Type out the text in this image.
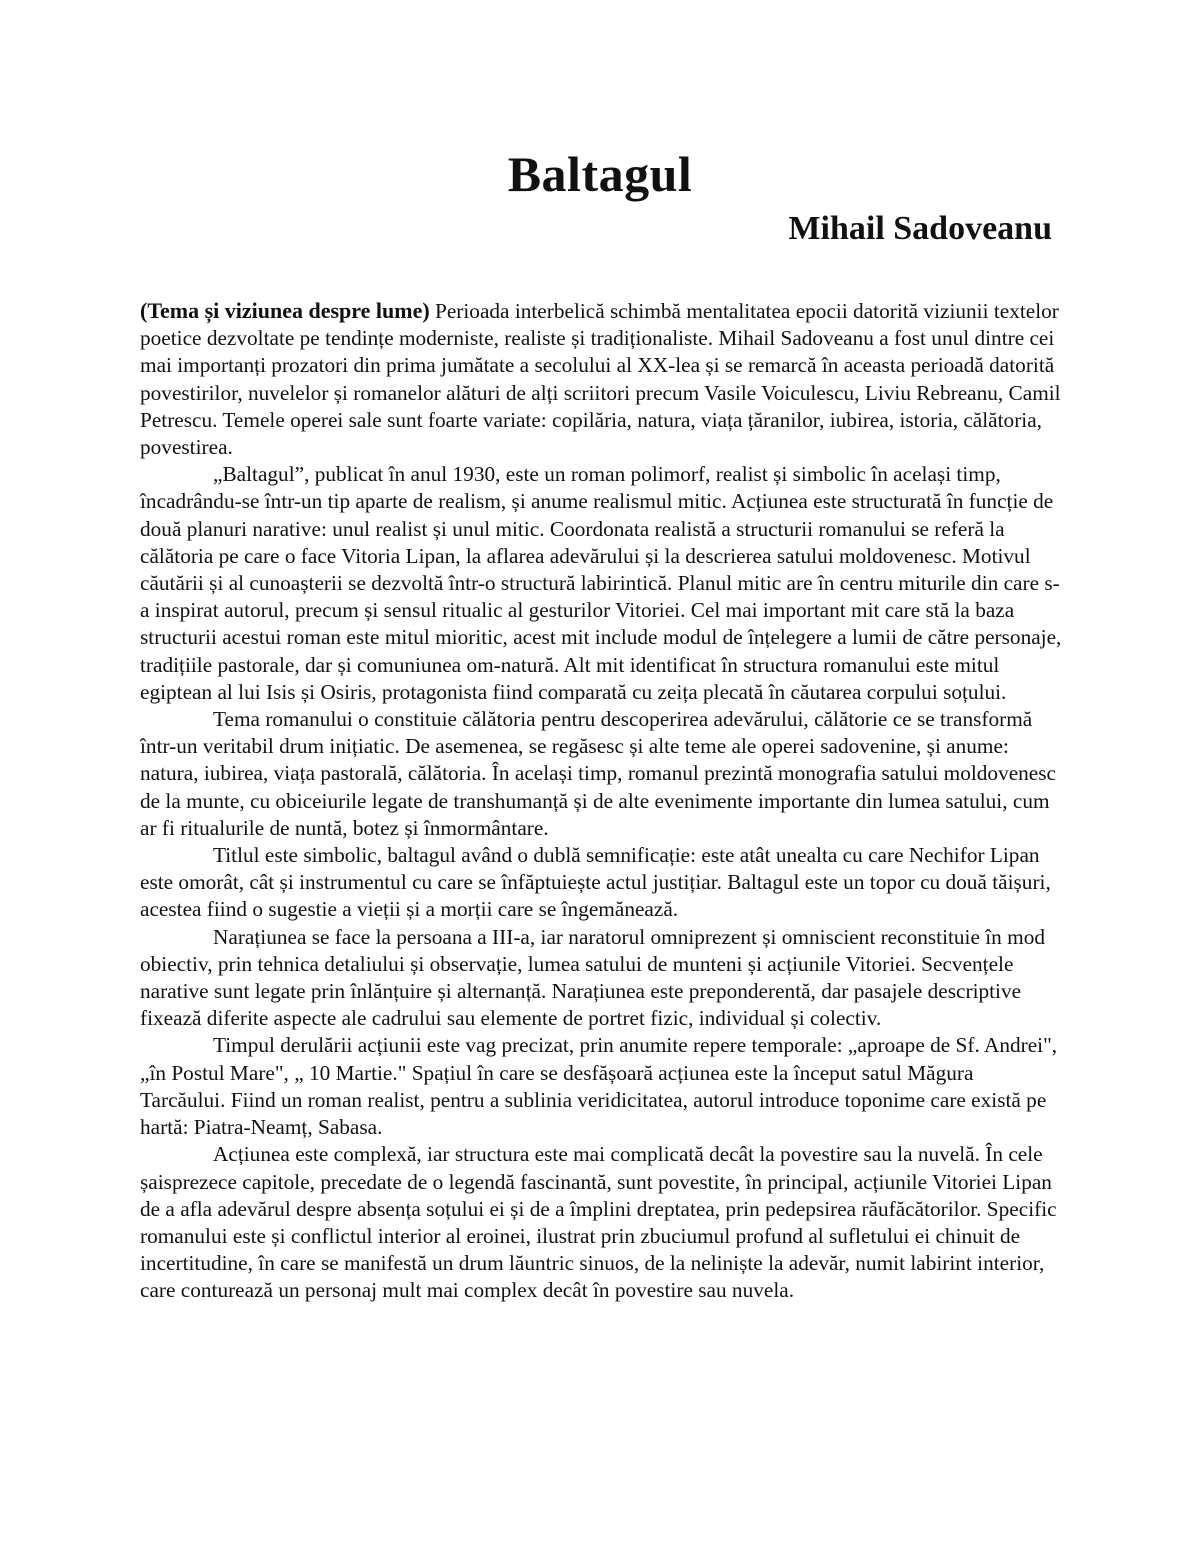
Baltagul
Mihail Sadoveanu

(Tema și viziunea despre lume) Perioada interbelică schimbă mentalitatea epocii datorită viziunii textelor poetice dezvoltate pe tendințe moderniste, realiste și tradiționaliste. Mihail Sadoveanu a fost unul dintre cei mai importanți prozatori din prima jumătate a secolului al XX-lea și se remarcă în aceasta perioadă datorită povestirilor, nuvelelor și romanelor alături de alți scriitori precum Vasile Voiculescu, Liviu Rebreanu, Camil Petrescu. Temele operei sale sunt foarte variate: copilăria, natura, viața țăranilor, iubirea, istoria, călătoria, povestirea.

„Baltagul”, publicat în anul 1930, este un roman polimorf, realist și simbolic în același timp, încadrându-se într-un tip aparte de realism, și anume realismul mitic. Acțiunea este structurată în funcție de două planuri narative: unul realist și unul mitic. Coordonata realistă a structurii romanului se referă la călătoria pe care o face Vitoria Lipan, la aflarea adevărului și la descrierea satului moldovenesc. Motivul căutării și al cunoașterii se dezvoltă într-o structură labirintică. Planul mitic are în centru miturile din care s-a inspirat autorul, precum și sensul ritualic al gesturilor Vitoriei. Cel mai important mit care stă la baza structurii acestui roman este mitul mioritic, acest mit include modul de înțelegere a lumii de către personaje, tradițiile pastorale, dar și comuniunea om-natură. Alt mit identificat în structura romanului este mitul egiptean al lui Isis și Osiris, protagonista fiind comparată cu zeița plecată în căutarea corpului soțului.

Tema romanului o constituie călătoria pentru descoperirea adevărului, călătorie ce se transformă într-un veritabil drum inițiatic. De asemenea, se regăsesc și alte teme ale operei sadovenine, și anume: natura, iubirea, viața pastorală, călătoria. În același timp, romanul prezintă monografia satului moldovenesc de la munte, cu obiceiurile legate de transhumanță și de alte evenimente importante din lumea satului, cum ar fi ritualurile de nuntă, botez și înmormântare.

Titlul este simbolic, baltagul având o dublă semnificație: este atât unealta cu care Nechifor Lipan este omorât, cât și instrumentul cu care se înfăptuiește actul justițiar. Baltagul este un topor cu două tăișuri, acestea fiind o sugestie a vieții și a morții care se îngemănează.

Narațiunea se face la persoana a III-a, iar naratorul omniprezent și omniscient reconstituie în mod obiectiv, prin tehnica detaliului și observație, lumea satului de munteni și acțiunile Vitoriei. Secvențele narative sunt legate prin înlănțuire și alternanță. Narațiunea este preponderentă, dar pasajele descriptive fixează diferite aspecte ale cadrului sau elemente de portret fizic, individual și colectiv.

Timpul derulării acțiunii este vag precizat, prin anumite repere temporale: „aproape de Sf. Andrei", „în Postul Mare", „ 10 Martie." Spațiul în care se desfășoară acțiunea este la început satul Măgura Tarcăului. Fiind un roman realist, pentru a sublinia veridicitatea, autorul introduce toponime care există pe hartă: Piatra-Neamț, Sabasa.

Acțiunea este complexă, iar structura este mai complicată decât la povestire sau la nuvelă. În cele șaisprezece capitole, precedate de o legendă fascinantă, sunt povestite, în principal, acțiunile Vitoriei Lipan de a afla adevărul despre absența soțului ei și de a împlini dreptatea, prin pedepsirea răufăcătorilor. Specific romanului este și conflictul interior al eroinei, ilustrat prin zbuciumul profund al sufletului ei chinuit de incertitudine, în care se manifestă un drum lăuntric sinuos, de la neliniște la adevăr, numit labirint interior, care conturează un personaj mult mai complex decât în povestire sau nuvela.
